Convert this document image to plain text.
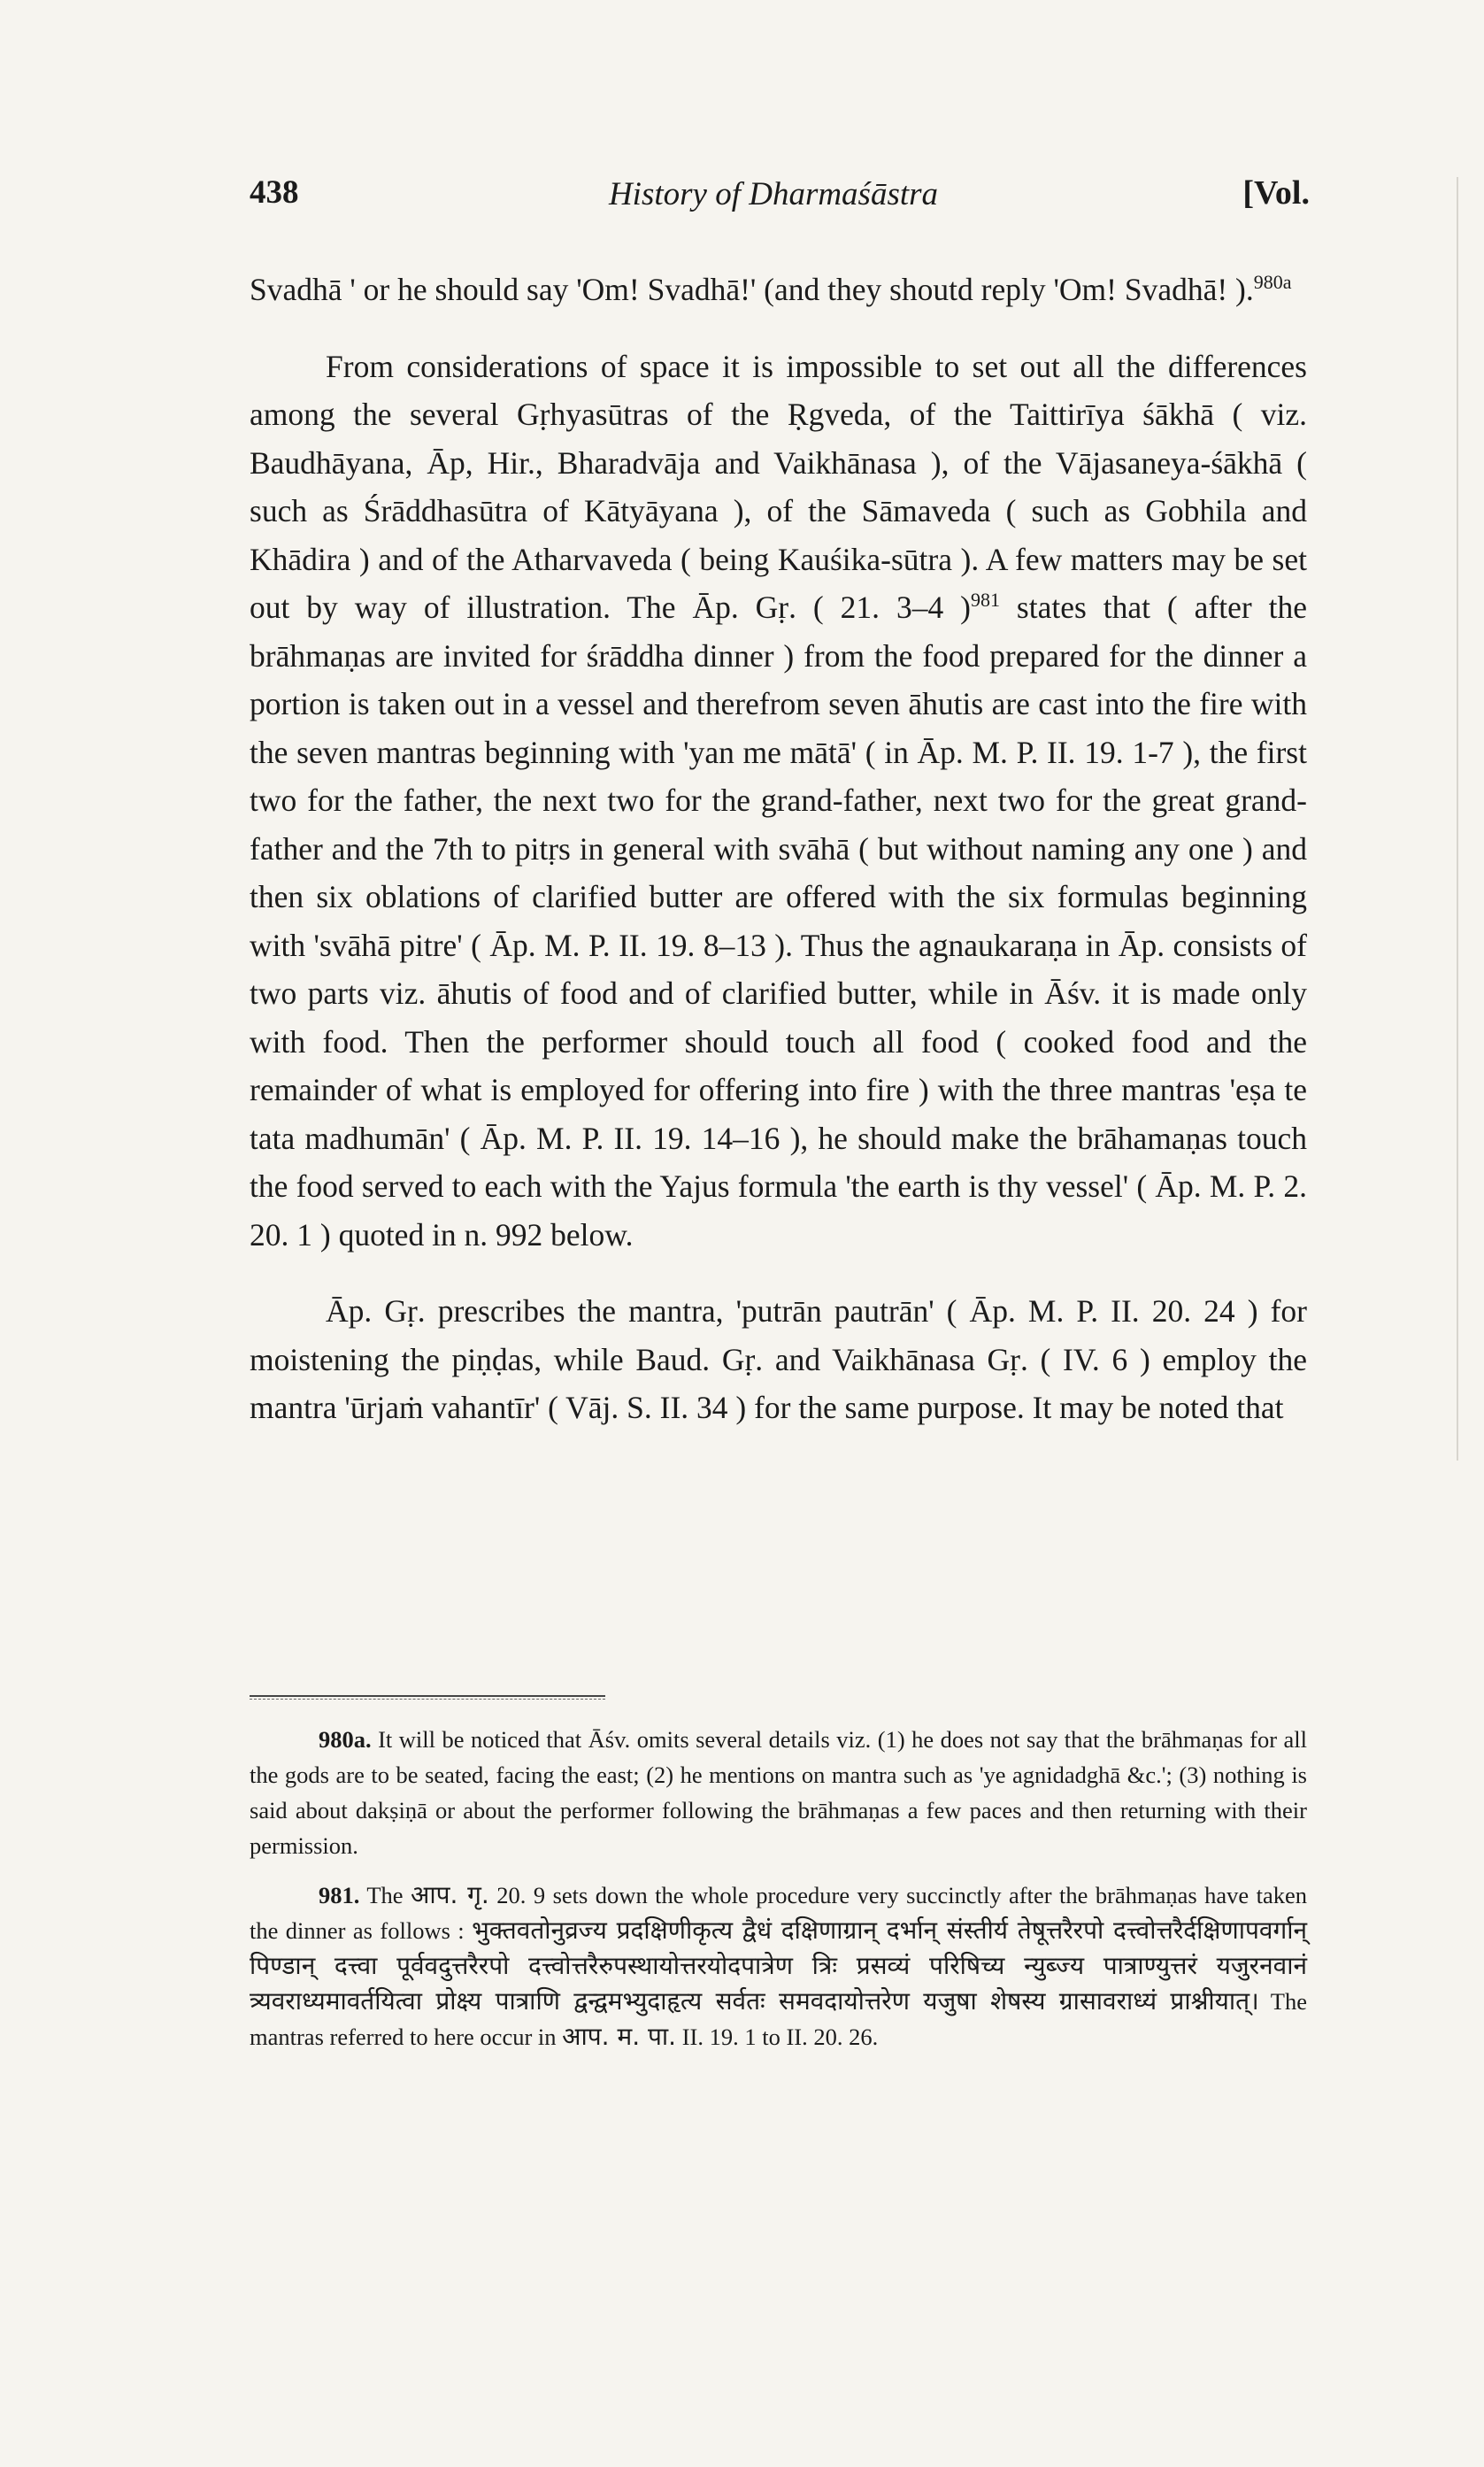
438	History of Dharmaśāstra	[Vol.

Svadhā ' or he should say 'Om! Svadhā!' (and they shoutd reply 'Om! Svadhā! ).$^{980a}$

From considerations of space it is impossible to set out all the differences among the several Gṛhyasūtras of the Ṛgveda, of the Taittirīya śākhā ( viz. Baudhāyana, Āp, Hir., Bharadvāja and Vaikhānasa ), of the Vājasaneya-śākhā ( such as Śrāddhasūtra of Kātyāyana ), of the Sāmaveda ( such as Gobhila and Khādira ) and of the Atharvaveda ( being Kauśika-sūtra ). A few matters may be set out by way of illustration. The Āp. Gṛ. ( 21. 3–4 )$^{981}$ states that ( after the brāhmaṇas are invited for śrāddha dinner ) from the food prepared for the dinner a portion is taken out in a vessel and therefrom seven āhutis are cast into the fire with the seven mantras beginning with 'yan me mātā' ( in Āp. M. P. II. 19. 1-7 ), the first two for the father, the next two for the grand-father, next two for the great grand-father and the 7th to pitṛs in general with svāhā ( but without naming any one ) and then six oblations of clarified butter are offered with the six formulas beginning with 'svāhā pitre' ( Āp. M. P. II. 19. 8–13 ). Thus the agnaukaraṇa in Āp. consists of two parts viz. āhutis of food and of clarified butter, while in Āśv. it is made only with food. Then the performer should touch all food ( cooked food and the remainder of what is employed for offering into fire ) with the three mantras 'eṣa te tata madhumān' ( Āp. M. P. II. 19. 14–16 ), he should make the brāhamaṇas touch the food served to each with the Yajus formula 'the earth is thy vessel' ( Āp. M. P. 2. 20. 1 ) quoted in n. 992 below.

Āp. Gṛ. prescribes the mantra, 'putrān pautrān' ( Āp. M. P. II. 20. 24 ) for moistening the piṇḍas, while Baud. Gṛ. and Vaikhānasa Gṛ. ( IV. 6 ) employ the mantra 'ūrjaṁ vahantīr' ( Vāj. S. II. 34 ) for the same purpose. It may be noted that

980a. It will be noticed that Āśv. omits several details viz. (1) he does not say that the brāhmaṇas for all the gods are to be seated, facing the east; (2) he mentions on mantra such as 'ye agnidadghā &c.'; (3) nothing is said about dakṣiṇā or about the performer following the brāhmaṇas a few paces and then returning with their permission.

981. The आप. गृ. 20. 9 sets down the whole procedure very succinctly after the brāhmaṇas have taken the dinner as follows : भुक्तवतोनुव्रज्य प्रदक्षिणीकृत्य द्वैधं दक्षिणाग्रान् दर्भान् संस्तीर्य तेषूत्तरैरपो दत्त्वोत्तरैर्दक्षिणापवर्गान् पिण्डान् दत्त्वा पूर्ववदुत्तरैरपो दत्त्वोत्तरैरुपस्थायोत्तरयोदपात्रेण त्रिः प्रसव्यं परिषिच्य न्युब्ज्य पात्राण्युत्तरं यजुरनवानं त्र्यवराध्यमावर्तयित्वा प्रोक्ष्य पात्राणि द्वन्द्वमभ्युदाहृत्य सर्वतः समवदायोत्तरेण यजुषा शेषस्य ग्रासावराध्यं प्राश्नीयात्। The mantras referred to here occur in आप. म. पा. II. 19. 1 to II. 20. 26.
